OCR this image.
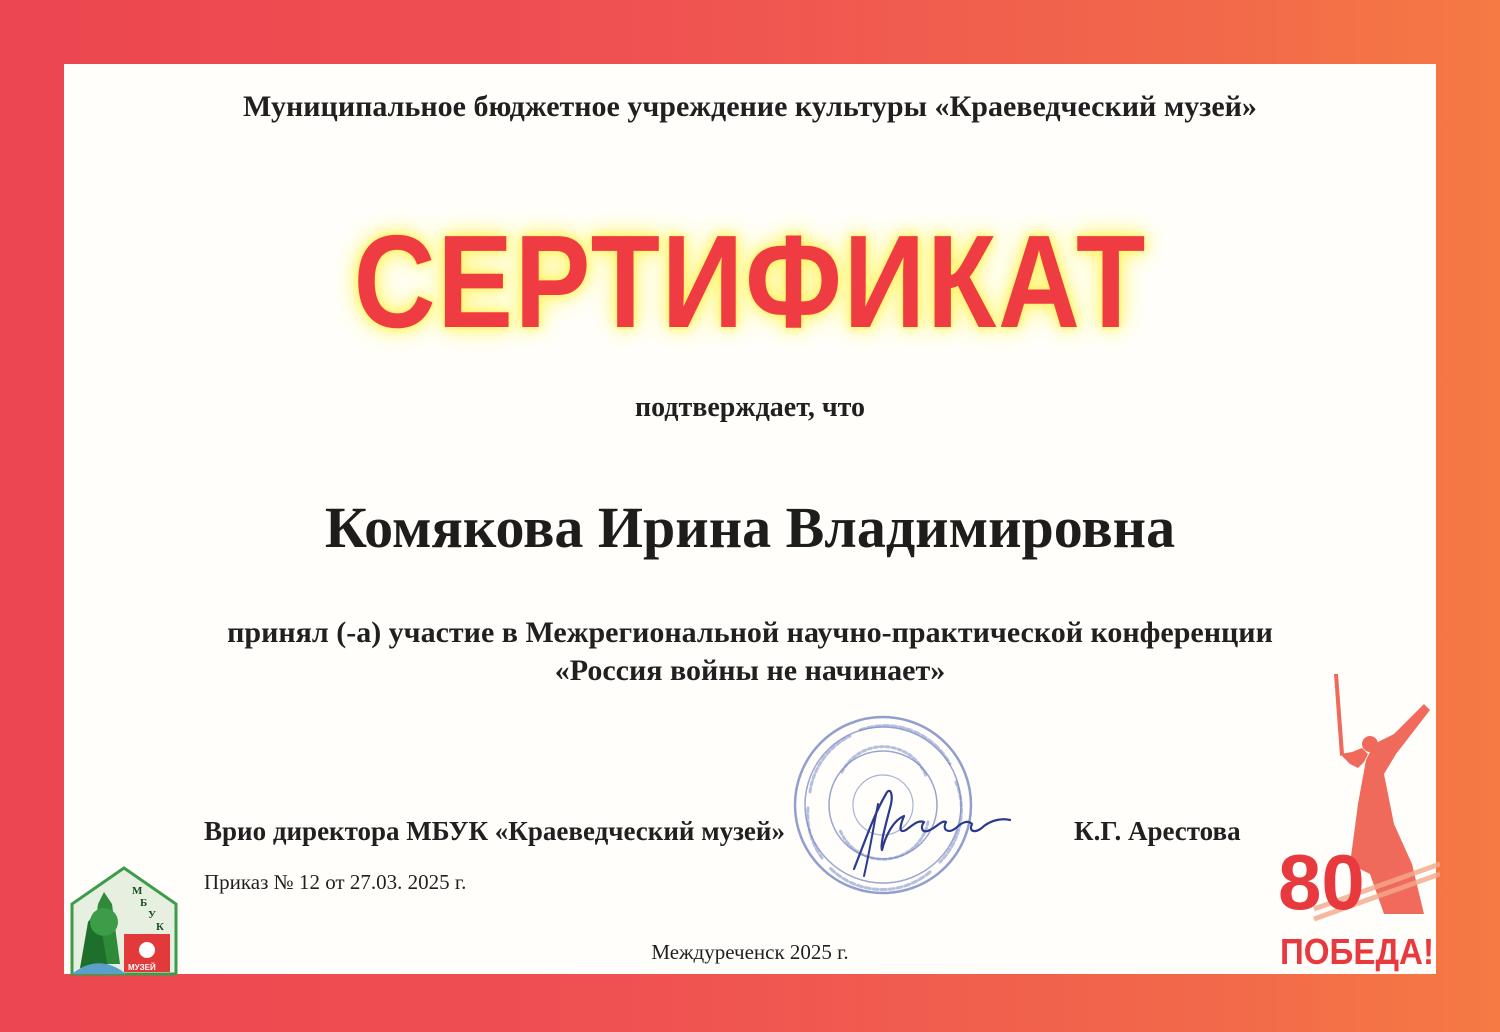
Муниципальное бюджетное учреждение культуры «Краеведческий музей»
СЕРТИФИКАТ
подтверждает, что
Комякова Ирина Владимировна
принял (-а) участие в Межрегиональной научно-практической конференции
«Россия войны не начинает»
Врио директора МБУК «Краеведческий музей»	К.Г. Арестова
Приказ № 12 от 27.03. 2025 г.
Междуреченск 2025 г.
М
Б
У
К
МУЗЕЙ
80
ПОБЕДА!
